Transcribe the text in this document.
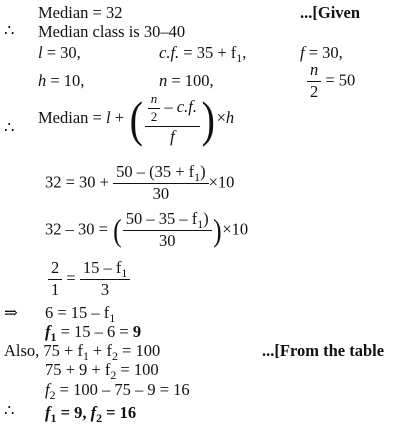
Median = 32	...[Given
∴ Median class is 30–40
l = 30,	c.f. = $35 + f_1$,	f = 30,
h = 10,	n = 100,	$\frac{n}{2} = 50$
∴
Median = l + ( $\frac{\frac{n}{2} - c.f.}{f}$ ) ×h
$32 = 30 + \frac{50 - (35 + f_1)}{30} \times 10$
32 – 30 = ( $\frac{50 - 35 - f_1)}{30} )\times 10$
$\frac{2}{1} = \frac{15 - f_1}{3}$
⇒ $6 = 15 - f_1$
$f_1 = 15 - 6 = 9$
Also, $75 + f_1 + f_2 = 100$	...[From the table
$75 + 9 + f_2 = 100$
$f_2 = 100 - 75 - 9 = 16$
∴ $f_1 = 9$, $f_2 = 16$
